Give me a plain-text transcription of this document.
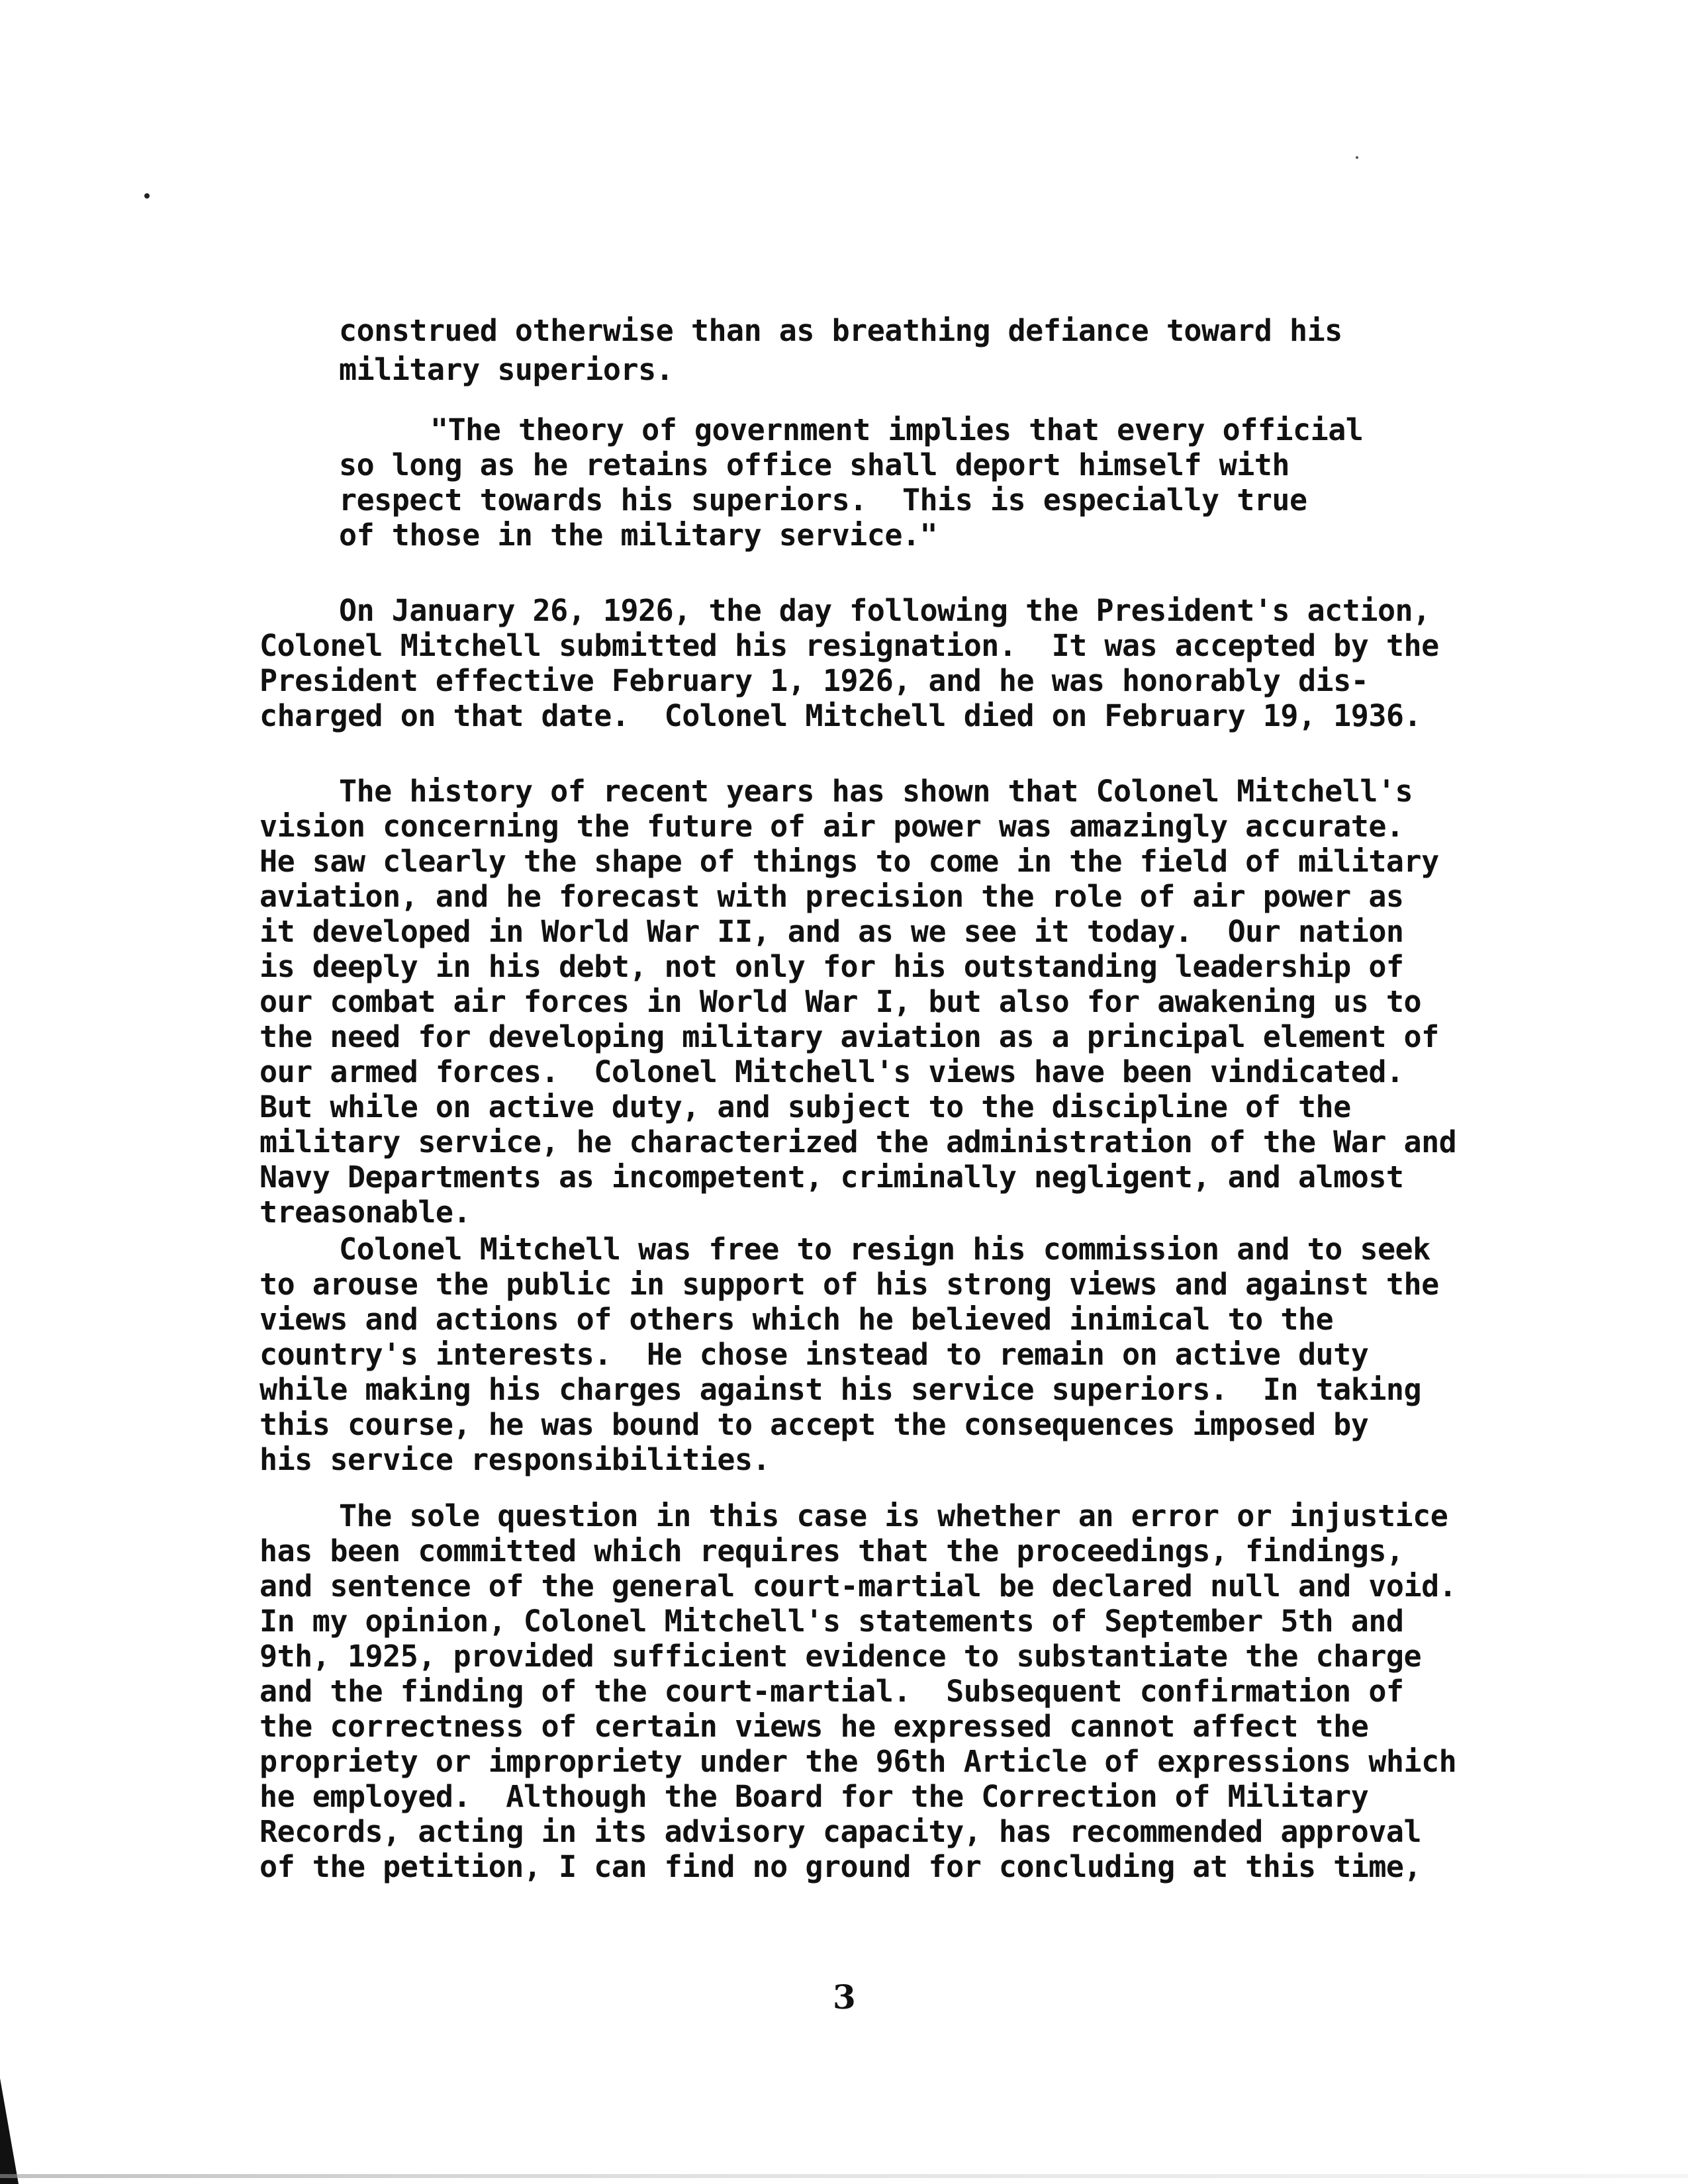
construed otherwise than as breathing defiance toward his
military superiors.
"The theory of government implies that every official
so long as he retains office shall deport himself with
respect towards his superiors.  This is especially true
of those in the military service."
On January 26, 1926, the day following the President's action,
Colonel Mitchell submitted his resignation.  It was accepted by the
President effective February 1, 1926, and he was honorably dis-
charged on that date.  Colonel Mitchell died on February 19, 1936.
The history of recent years has shown that Colonel Mitchell's
vision concerning the future of air power was amazingly accurate.
He saw clearly the shape of things to come in the field of military
aviation, and he forecast with precision the role of air power as
it developed in World War II, and as we see it today.  Our nation
is deeply in his debt, not only for his outstanding leadership of
our combat air forces in World War I, but also for awakening us to
the need for developing military aviation as a principal element of
our armed forces.  Colonel Mitchell's views have been vindicated.
But while on active duty, and subject to the discipline of the
military service, he characterized the administration of the War and
Navy Departments as incompetent, criminally negligent, and almost
treasonable.
Colonel Mitchell was free to resign his commission and to seek
to arouse the public in support of his strong views and against the
views and actions of others which he believed inimical to the
country's interests.  He chose instead to remain on active duty
while making his charges against his service superiors.  In taking
this course, he was bound to accept the consequences imposed by
his service responsibilities.
The sole question in this case is whether an error or injustice
has been committed which requires that the proceedings, findings,
and sentence of the general court-martial be declared null and void.
In my opinion, Colonel Mitchell's statements of September 5th and
9th, 1925, provided sufficient evidence to substantiate the charge
and the finding of the court-martial.  Subsequent confirmation of
the correctness of certain views he expressed cannot affect the
propriety or impropriety under the 96th Article of expressions which
he employed.  Although the Board for the Correction of Military
Records, acting in its advisory capacity, has recommended approval
of the petition, I can find no ground for concluding at this time,
3
